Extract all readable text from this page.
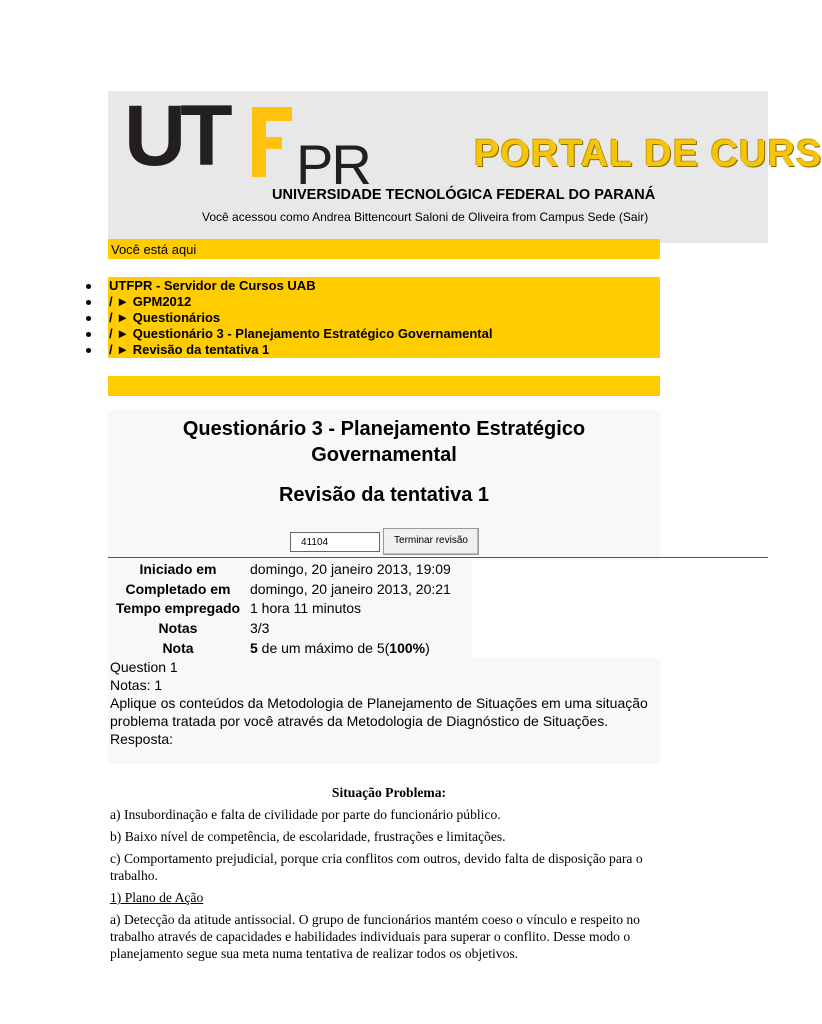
UT PR	PORTAL DE CURS
UNIVERSIDADE TECNOLÓGICA FEDERAL DO PARANÁ
Você acessou como Andrea Bittencourt Saloni de Oliveira from Campus Sede (Sair)
Você está aqui
UTFPR - Servidor de Cursos UAB
/ ► GPM2012
/ ► Questionários
/ ► Questionário 3 - Planejamento Estratégico Governamental
/ ► Revisão da tentativa 1
Questionário 3 - Planejamento Estratégico Governamental
Revisão da tentativa 1
41104	Terminar revisão
Iniciado em	domingo, 20 janeiro 2013, 19:09
Completado em	domingo, 20 janeiro 2013, 20:21
Tempo empregado 1 hora 11 minutos
Notas	3/3
Nota	5 de um máximo de 5(100%)
Question 1
Notas: 1
Aplique os conteúdos da Metodologia de Planejamento de Situações em uma situação problema tratada por você através da Metodologia de Diagnóstico de Situações.
Resposta:

Situação Problema:

a) Insubordinação e falta de civilidade por parte do funcionário público.

b) Baixo nível de competência, de escolaridade, frustrações e limitações.

c) Comportamento prejudicial, porque cria conflitos com outros, devido falta de disposição para o trabalho.

1) Plano de Ação

a) Detecção da atitude antissocial. O grupo de funcionários mantém coeso o vínculo e respeito no trabalho através de capacidades e habilidades individuais para superar o conflito. Desse modo o planejamento segue sua meta numa tentativa de realizar todos os objetivos.
